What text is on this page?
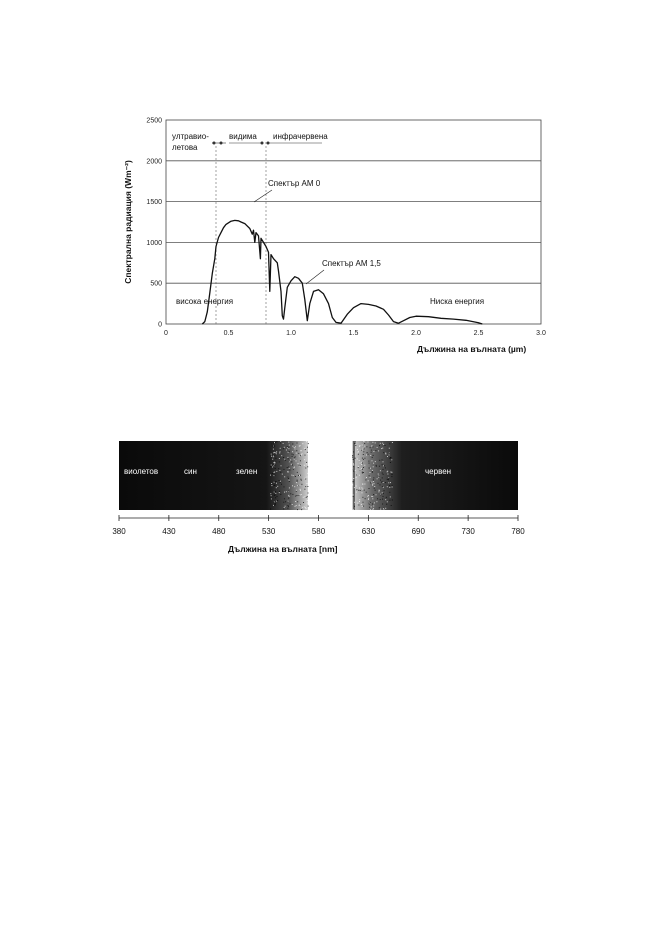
0
500
1000
1500
2000
2500
0	0.5	1.0	1.5	2.0	2.5	3.0
ултравио-
летова
видима инфрачервена
Спектър АМ 0
Спектър АМ 1,5
висока енергия	Ниска енергия
Дължина на вълната (µm)
Спектрална радиация (Wm⁻²)
виолетов	син	зелен	червен
380	430	480	530	580	630	690	730	780
Дължина на вълната [nm]
